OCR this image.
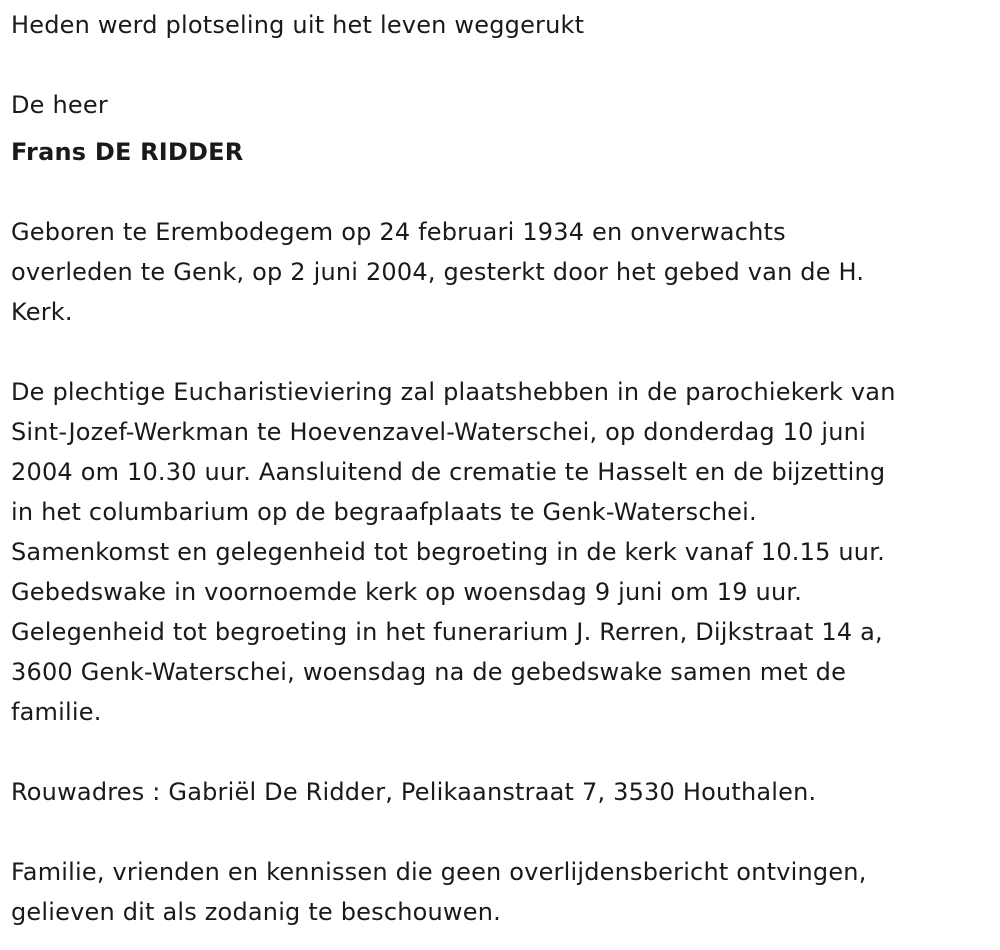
Heden werd plotseling uit het leven weggerukt

De heer

Frans DE RIDDER

Geboren te Erembodegem op 24 februari 1934 en onverwachts

overleden te Genk, op 2 juni 2004, gesterkt door het gebed van de H.

Kerk.

De plechtige Eucharistieviering zal plaatshebben in de parochiekerk van

Sint-Jozef-Werkman te Hoevenzavel-Waterschei, op donderdag 10 juni

2004 om 10.30 uur. Aansluitend de crematie te Hasselt en de bijzetting

in het columbarium op de begraafplaats te Genk-Waterschei.

Samenkomst en gelegenheid tot begroeting in de kerk vanaf 10.15 uur.

Gebedswake in voornoemde kerk op woensdag 9 juni om 19 uur.

Gelegenheid tot begroeting in het funerarium J. Rerren, Dijkstraat 14 a,

3600 Genk-Waterschei, woensdag na de gebedswake samen met de

familie.

Rouwadres : Gabriël De Ridder, Pelikaanstraat 7, 3530 Houthalen.

Familie, vrienden en kennissen die geen overlijdensbericht ontvingen,

gelieven dit als zodanig te beschouwen.
